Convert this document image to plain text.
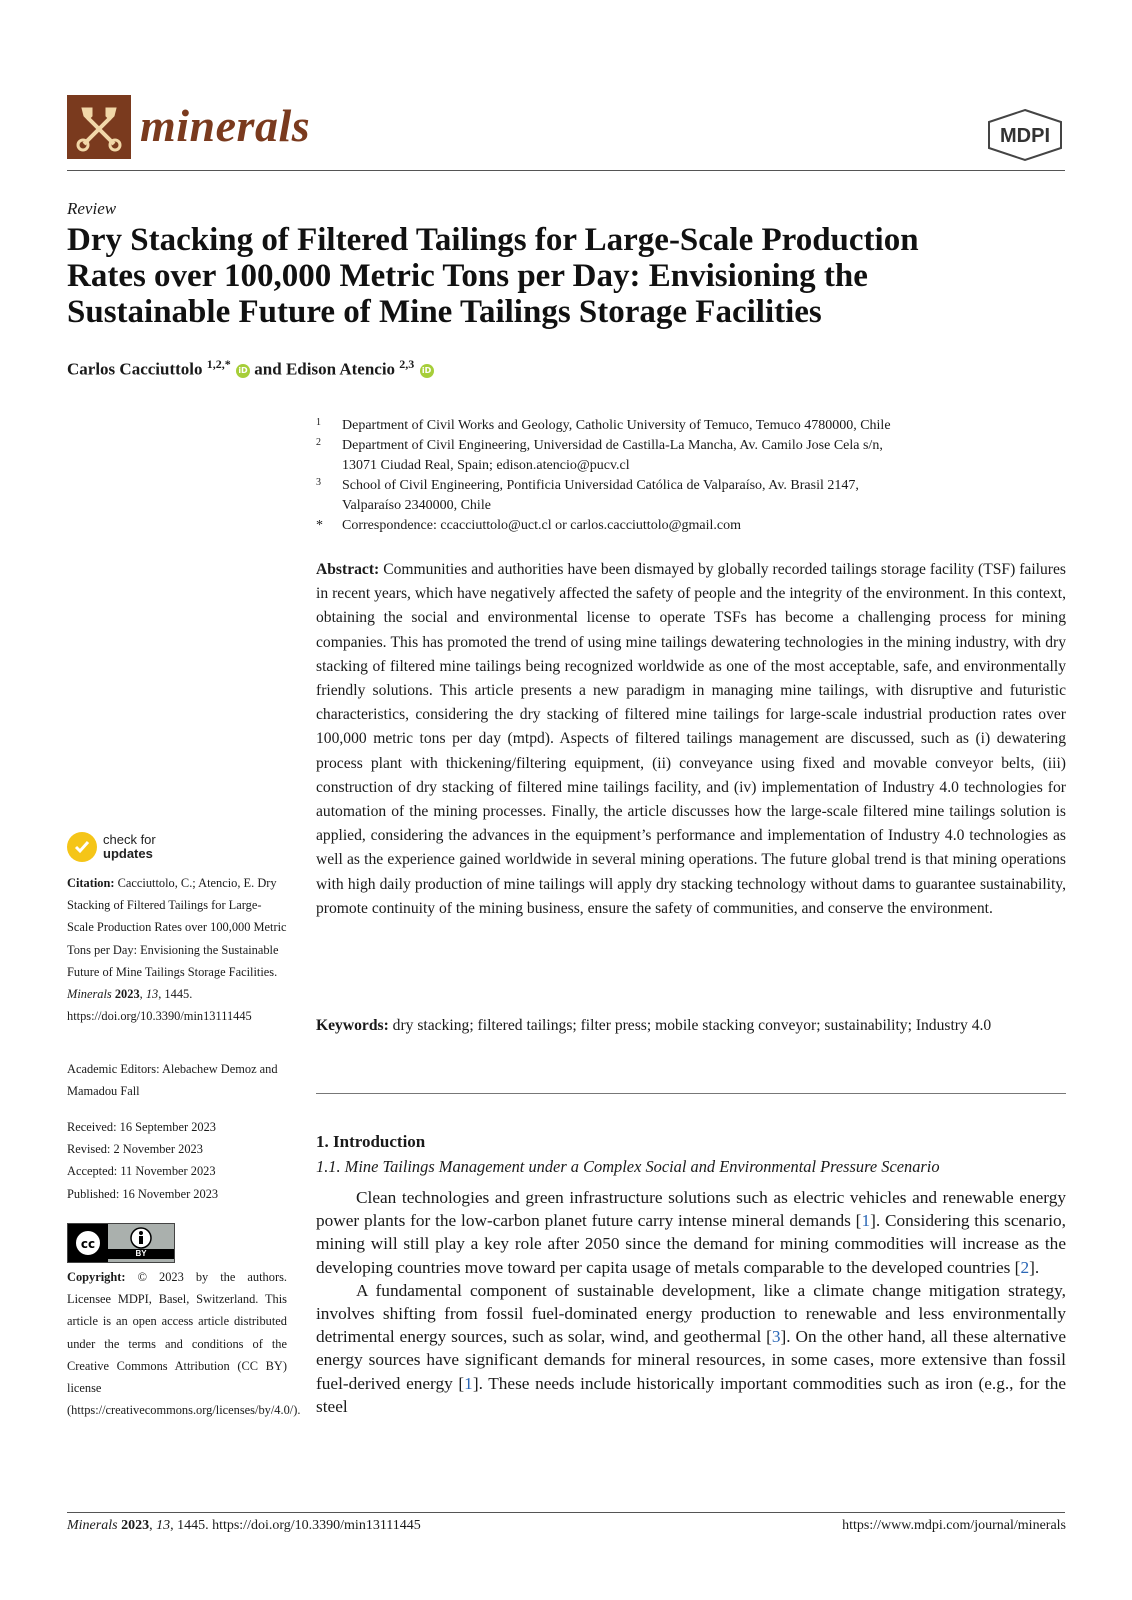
minerals	MDPI
Review
Dry Stacking of Filtered Tailings for Large-Scale Production
Rates over 100,000 Metric Tons per Day: Envisioning the
Sustainable Future of Mine Tailings Storage Facilities
Carlos Cacciuttolo $^{1,2,*}$ iD and Edison Atencio $^{2,3}$ iD
1 Department of Civil Works and Geology, Catholic University of Temuco, Temuco 4780000, Chile
2 Department of Civil Engineering, Universidad de Castilla-La Mancha, Av. Camilo Jose Cela s/n,
13071 Ciudad Real, Spain; edison.atencio@pucv.cl
3 School of Civil Engineering, Pontificia Universidad Católica de Valparaíso, Av. Brasil 2147,
Valparaíso 2340000, Chile
* Correspondence: ccacciuttolo@uct.cl or carlos.cacciuttolo@gmail.com
Abstract: Communities and authorities have been dismayed by globally recorded tailings storage facility (TSF) failures in recent years, which have negatively affected the safety of people and the integrity of the environment. In this context, obtaining the social and environmental license to operate TSFs has become a challenging process for mining companies. This has promoted the trend of using mine tailings dewatering technologies in the mining industry, with dry stacking of filtered mine tailings being recognized worldwide as one of the most acceptable, safe, and environmentally friendly solutions. This article presents a new paradigm in managing mine tailings, with disruptive and futuristic characteristics, considering the dry stacking of filtered mine tailings for large-scale industrial production rates over 100,000 metric tons per day (mtpd). Aspects of filtered tailings management are discussed, such as (i) dewatering process plant with thickening/filtering equipment, (ii) conveyance using fixed and movable conveyor belts, (iii) construction of dry stacking of filtered mine tailings facility, and (iv) implementation of Industry 4.0 technologies for automation of the mining processes. Finally, the article discusses how the large-scale filtered mine tailings solution is applied, considering the advances in the equipment’s performance and implementation of Industry 4.0 technologies as well as the experience gained worldwide in several mining operations. The future global trend is that mining operations with high daily production of mine tailings will apply dry stacking technology without dams to guarantee sustainability, promote continuity of the mining business, ensure the safety of communities, and conserve the environment.
Keywords: dry stacking; filtered tailings; filter press; mobile stacking conveyor; sustainability; Industry 4.0
1. Introduction
1.1. Mine Tailings Management under a Complex Social and Environmental Pressure Scenario

Clean technologies and green infrastructure solutions such as electric vehicles and renewable energy power plants for the low-carbon planet future carry intense mineral demands [1]. Considering this scenario, mining will still play a key role after 2050 since the demand for mining commodities will increase as the developing countries move toward per capita usage of metals comparable to the developed countries [2].

A fundamental component of sustainable development, like a climate change mitigation strategy, involves shifting from fossil fuel-dominated energy production to renewable and less environmentally detrimental energy sources, such as solar, wind, and geothermal [3]. On the other hand, all these alternative energy sources have significant demands for mineral resources, in some cases, more extensive than fossil fuel-derived energy [1]. These needs include historically important commodities such as iron (e.g., for the steel

check for
updates
Citation: Cacciuttolo, C.; Atencio, E. Dry Stacking of Filtered Tailings for Large-Scale Production Rates over 100,000 Metric Tons per Day: Envisioning the Sustainable Future of Mine Tailings Storage Facilities. Minerals 2023, 13, 1445. https://doi.org/10.3390/min13111445
Academic Editors: Alebachew Demoz and Mamadou Fall
Received: 16 September 2023
Revised: 2 November 2023
Accepted: 11 November 2023
Published: 16 November 2023
cc
BY
Copyright: © 2023 by the authors. Licensee MDPI, Basel, Switzerland. This article is an open access article distributed under the terms and conditions of the Creative Commons Attribution (CC BY) license (https://creativecommons.org/licenses/by/4.0/).
Minerals 2023, 13, 1445. https://doi.org/10.3390/min13111445	https://www.mdpi.com/journal/minerals
